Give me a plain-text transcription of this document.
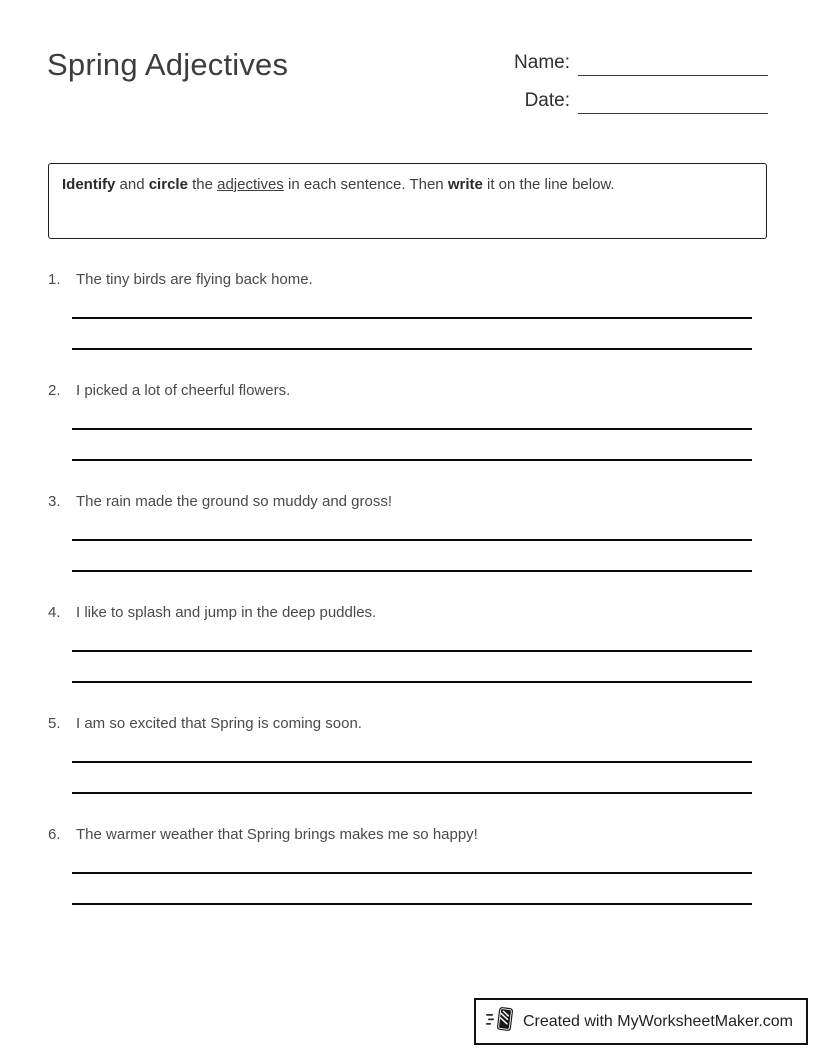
Spring Adjectives	Name:
Date:
Identify and circle the adjectives in each sentence. Then write it on the line below.
1.	The tiny birds are flying back home.
2.	I picked a lot of cheerful flowers.
3.	The rain made the ground so muddy and gross!
4.	I like to splash and jump in the deep puddles.
5.	I am so excited that Spring is coming soon.
6.	The warmer weather that Spring brings makes me so happy!
Created with MyWorksheetMaker.com
